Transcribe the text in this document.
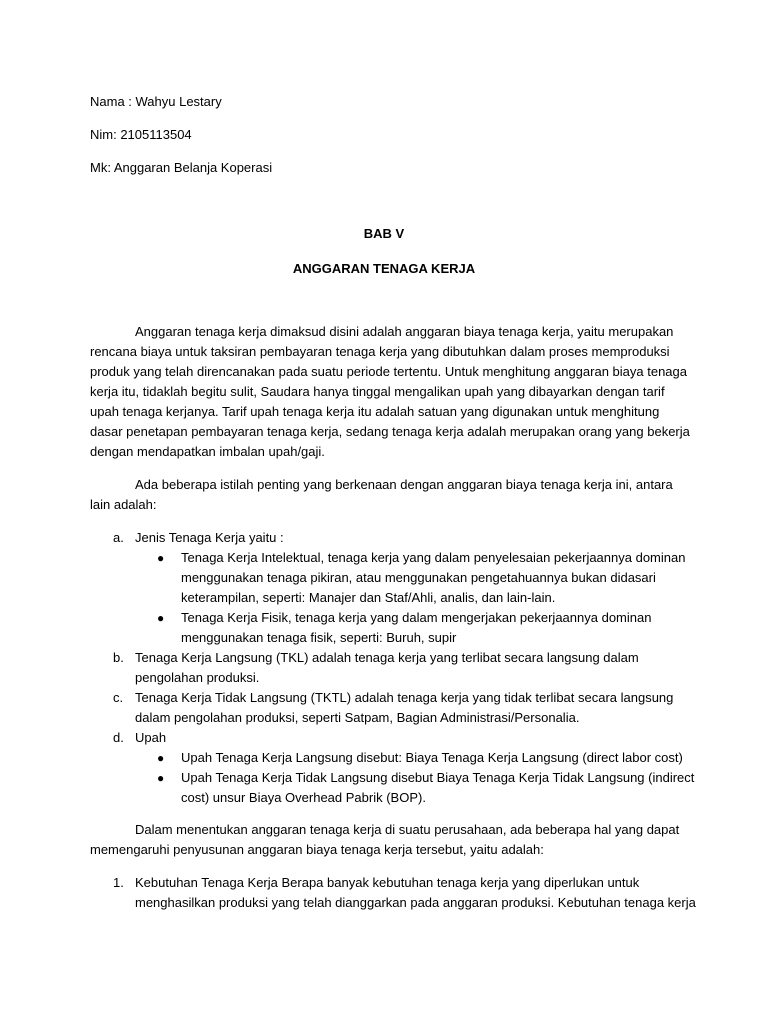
Nama : Wahyu Lestary
Nim: 2105113504
Mk: Anggaran Belanja Koperasi
BAB V
ANGGARAN TENAGA KERJA
Anggaran tenaga kerja dimaksud disini adalah anggaran biaya tenaga kerja, yaitu merupakan
rencana biaya untuk taksiran pembayaran tenaga kerja yang dibutuhkan dalam proses memproduksi
produk yang telah direncanakan pada suatu periode tertentu. Untuk menghitung anggaran biaya tenaga
kerja itu, tidaklah begitu sulit, Saudara hanya tinggal mengalikan upah yang dibayarkan dengan tarif
upah tenaga kerjanya. Tarif upah tenaga kerja itu adalah satuan yang digunakan untuk menghitung
dasar penetapan pembayaran tenaga kerja, sedang tenaga kerja adalah merupakan orang yang bekerja
dengan mendapatkan imbalan upah/gaji.
Ada beberapa istilah penting yang berkenaan dengan anggaran biaya tenaga kerja ini, antara
lain adalah:
a. Jenis Tenaga Kerja yaitu :
● Tenaga Kerja Intelektual, tenaga kerja yang dalam penyelesaian pekerjaannya dominan
menggunakan tenaga pikiran, atau menggunakan pengetahuannya bukan didasari
keterampilan, seperti: Manajer dan Staf/Ahli, analis, dan lain-lain.
● Tenaga Kerja Fisik, tenaga kerja yang dalam mengerjakan pekerjaannya dominan
menggunakan tenaga fisik, seperti: Buruh, supir
b. Tenaga Kerja Langsung (TKL) adalah tenaga kerja yang terlibat secara langsung dalam
pengolahan produksi.
c. Tenaga Kerja Tidak Langsung (TKTL) adalah tenaga kerja yang tidak terlibat secara langsung
dalam pengolahan produksi, seperti Satpam, Bagian Administrasi/Personalia.
d. Upah
● Upah Tenaga Kerja Langsung disebut: Biaya Tenaga Kerja Langsung (direct labor cost)
● Upah Tenaga Kerja Tidak Langsung disebut Biaya Tenaga Kerja Tidak Langsung (indirect
cost) unsur Biaya Overhead Pabrik (BOP).
Dalam menentukan anggaran tenaga kerja di suatu perusahaan, ada beberapa hal yang dapat
memengaruhi penyusunan anggaran biaya tenaga kerja tersebut, yaitu adalah:
1. Kebutuhan Tenaga Kerja Berapa banyak kebutuhan tenaga kerja yang diperlukan untuk
menghasilkan produksi yang telah dianggarkan pada anggaran produksi. Kebutuhan tenaga kerja
